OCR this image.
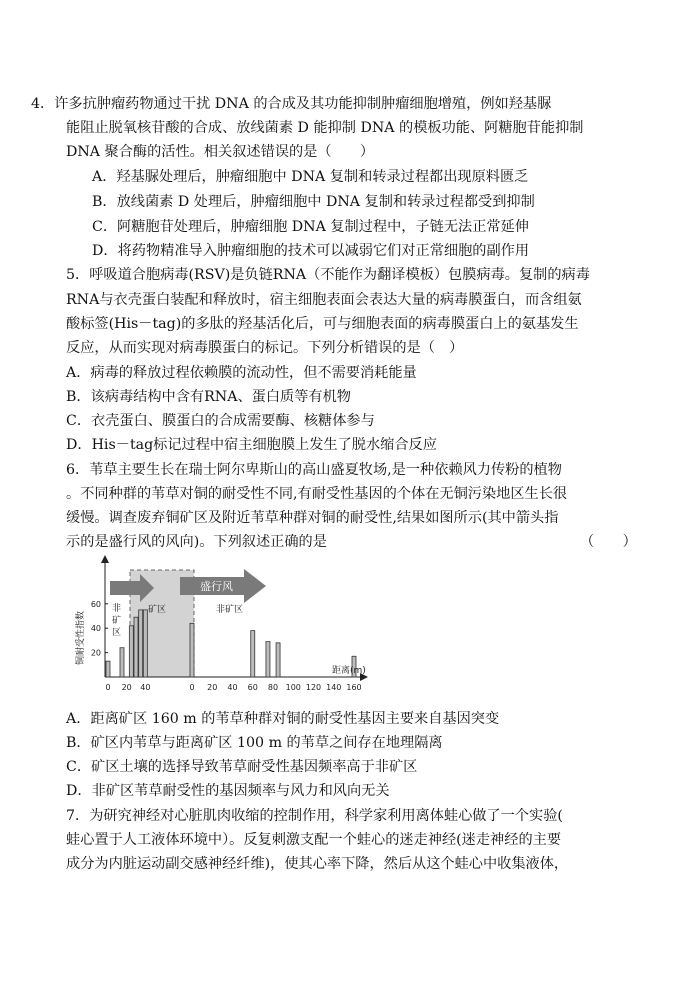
4．许多抗肿瘤药物通过干扰 DNA 的合成及其功能抑制肿瘤细胞增殖，例如羟基脲
能阻止脱氧核苷酸的合成、放线菌素 D 能抑制 DNA 的模板功能、阿糖胞苷能抑制
DNA 聚合酶的活性。相关叙述错误的是（　　）
A．羟基脲处理后，肿瘤细胞中 DNA 复制和转录过程都出现原料匮乏
B．放线菌素 D 处理后，肿瘤细胞中 DNA 复制和转录过程都受到抑制
C．阿糖胞苷处理后，肿瘤细胞 DNA 复制过程中，子链无法正常延伸
D．将药物精准导入肿瘤细胞的技术可以减弱它们对正常细胞的副作用
5．呼吸道合胞病毒(RSV)是负链RNA（不能作为翻译模板）包膜病毒。复制的病毒
RNA与衣壳蛋白装配和释放时，宿主细胞表面会表达大量的病毒膜蛋白，而含组氨
酸标签(His－tag)的多肽的羟基活化后，可与细胞表面的病毒膜蛋白上的氨基发生
反应，从而实现对病毒膜蛋白的标记。下列分析错误的是（　）
A．病毒的释放过程依赖膜的流动性，但不需要消耗能量
B．该病毒结构中含有RNA、蛋白质等有机物
C．衣壳蛋白、膜蛋白的合成需要酶、核糖体参与
D．His－tag标记过程中宿主细胞膜上发生了脱水缩合反应
6．苇草主要生长在瑞士阿尔卑斯山的高山盛夏牧场,是一种依赖风力传粉的植物
。不同种群的苇草对铜的耐受性不同,有耐受性基因的个体在无铜污染地区生长很
缓慢。调查废弃铜矿区及附近苇草种群对铜的耐受性,结果如图所示(其中箭头指
示的是盛行风的风向)。下列叙述正确的是	（　　）
盛行风
非
矿
区
矿区	非矿区
铜耐受性指数 20
40
60
0 20 40	0 20 40 60 80 100 120 140 160
距离(m)
A．距离矿区 160 m 的苇草种群对铜的耐受性基因主要来自基因突变
B．矿区内苇草与距离矿区 100 m 的苇草之间存在地理隔离
C．矿区土壤的选择导致苇草耐受性基因频率高于非矿区
D．非矿区苇草耐受性的基因频率与风力和风向无关
7．为研究神经对心脏肌肉收缩的控制作用，科学家利用离体蛙心做了一个实验(
蛙心置于人工液体环境中）。反复刺激支配一个蛙心的迷走神经(迷走神经的主要
成分为内脏运动副交感神经纤维)，使其心率下降，然后从这个蛙心中收集液体，
